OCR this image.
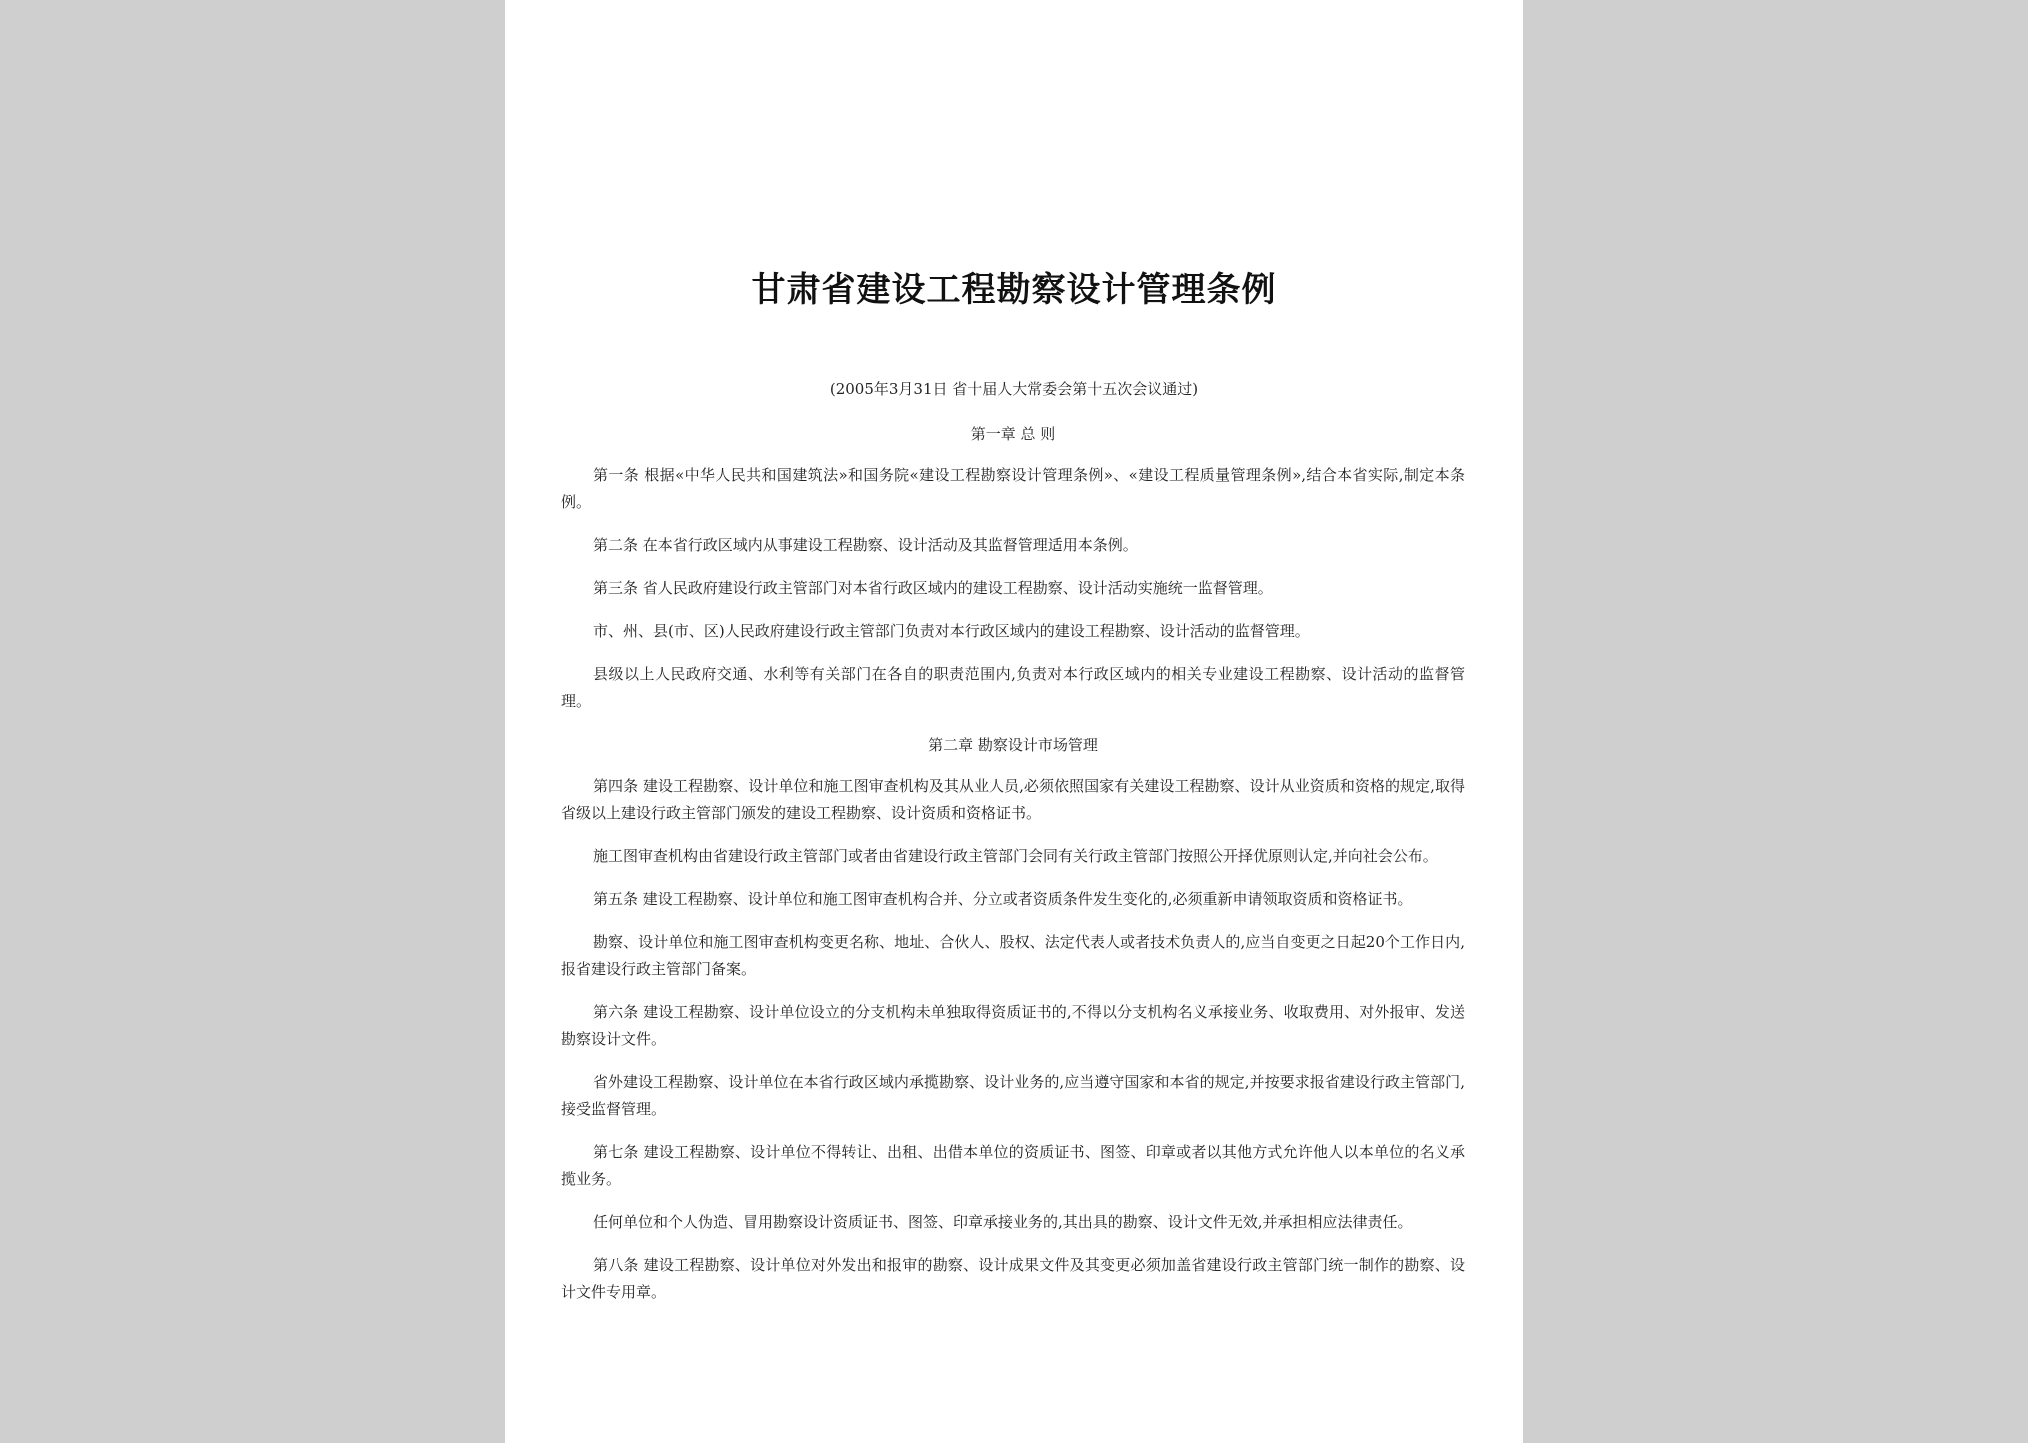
甘肃省建设工程勘察设计管理条例
(2005年3月31日 省十届人大常委会第十五次会议通过)
第一章 总 则

第一条 根据«中华人民共和国建筑法»和国务院«建设工程勘察设计管理条例»、«建设工程质量管理条例»,结合本省实际,制定本条例。

第二条 在本省行政区域内从事建设工程勘察、设计活动及其监督管理适用本条例。

第三条 省人民政府建设行政主管部门对本省行政区域内的建设工程勘察、设计活动实施统一监督管理。

市、州、县(市、区)人民政府建设行政主管部门负责对本行政区域内的建设工程勘察、设计活动的监督管理。

县级以上人民政府交通、水利等有关部门在各自的职责范围内,负责对本行政区域内的相关专业建设工程勘察、设计活动的监督管理。

第二章 勘察设计市场管理

第四条 建设工程勘察、设计单位和施工图审查机构及其从业人员,必须依照国家有关建设工程勘察、设计从业资质和资格的规定,取得省级以上建设行政主管部门颁发的建设工程勘察、设计资质和资格证书。

施工图审查机构由省建设行政主管部门或者由省建设行政主管部门会同有关行政主管部门按照公开择优原则认定,并向社会公布。

第五条 建设工程勘察、设计单位和施工图审查机构合并、分立或者资质条件发生变化的,必须重新申请领取资质和资格证书。

勘察、设计单位和施工图审查机构变更名称、地址、合伙人、股权、法定代表人或者技术负责人的,应当自变更之日起20个工作日内,报省建设行政主管部门备案。

第六条 建设工程勘察、设计单位设立的分支机构未单独取得资质证书的,不得以分支机构名义承接业务、收取费用、对外报审、发送勘察设计文件。

省外建设工程勘察、设计单位在本省行政区域内承揽勘察、设计业务的,应当遵守国家和本省的规定,并按要求报省建设行政主管部门,接受监督管理。

第七条 建设工程勘察、设计单位不得转让、出租、出借本单位的资质证书、图签、印章或者以其他方式允许他人以本单位的名义承揽业务。

任何单位和个人伪造、冒用勘察设计资质证书、图签、印章承接业务的,其出具的勘察、设计文件无效,并承担相应法律责任。

第八条 建设工程勘察、设计单位对外发出和报审的勘察、设计成果文件及其变更必须加盖省建设行政主管部门统一制作的勘察、设计文件专用章。
